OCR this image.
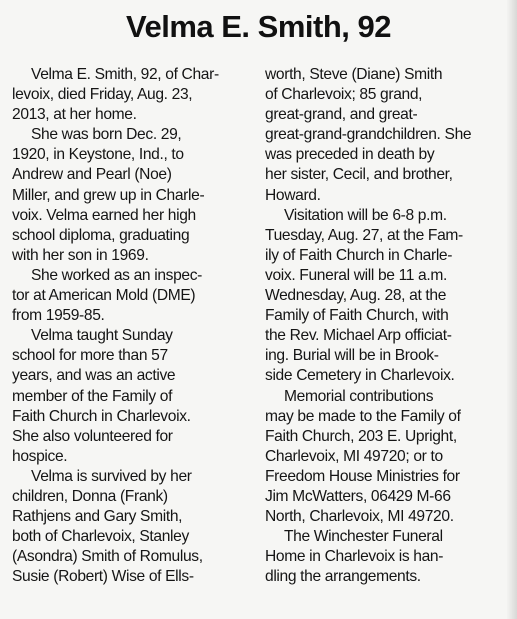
Velma E. Smith, 92
Velma E. Smith, 92, of Char-
levoix, died Friday, Aug. 23,
2013, at her home.
She was born Dec. 29,
1920, in Keystone, Ind., to
Andrew and Pearl (Noe)
Miller, and grew up in Charle-
voix. Velma earned her high
school diploma, graduating
with her son in 1969.
She worked as an inspec-
tor at American Mold (DME)
from 1959-85.
Velma taught Sunday
school for more than 57
years, and was an active
member of the Family of
Faith Church in Charlevoix.
She also volunteered for
hospice.
Velma is survived by her
children, Donna (Frank)
Rathjens and Gary Smith,
both of Charlevoix, Stanley
(Asondra) Smith of Romulus,
Susie (Robert) Wise of Ells-
worth, Steve (Diane) Smith
of Charlevoix; 85 grand,
great-grand, and great-
great-grand-grandchildren. She
was preceded in death by
her sister, Cecil, and brother,
Howard.
Visitation will be 6-8 p.m.
Tuesday, Aug. 27, at the Fam-
ily of Faith Church in Charle-
voix. Funeral will be 11 a.m.
Wednesday, Aug. 28, at the
Family of Faith Church, with
the Rev. Michael Arp officiat-
ing. Burial will be in Brook-
side Cemetery in Charlevoix.
Memorial contributions
may be made to the Family of
Faith Church, 203 E. Upright,
Charlevoix, MI 49720; or to
Freedom House Ministries for
Jim McWatters, 06429 M-66
North, Charlevoix, MI 49720.
The Winchester Funeral
Home in Charlevoix is han-
dling the arrangements.
